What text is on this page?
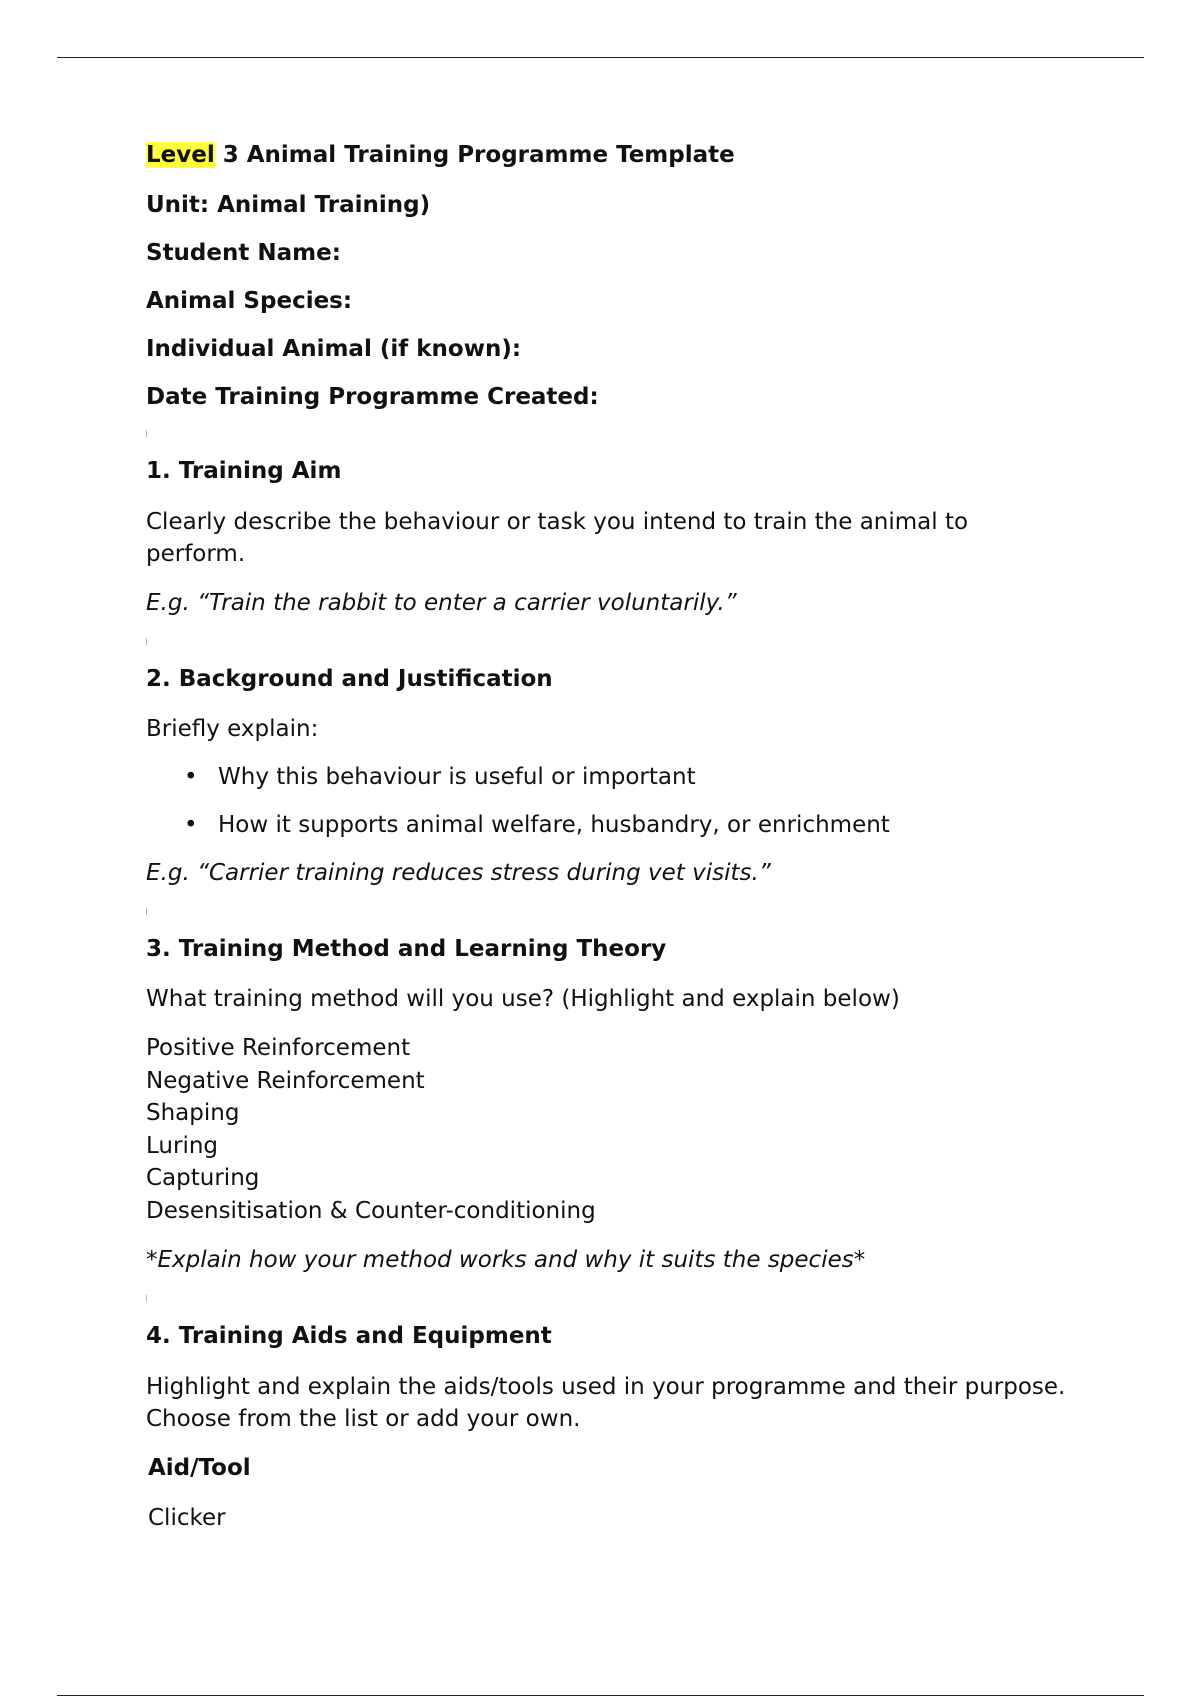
Level 3 Animal Training Programme Template
Unit: Animal Training)
Student Name:
Animal Species:
Individual Animal (if known):
Date Training Programme Created:
1. Training Aim
Clearly describe the behaviour or task you intend to train the animal to perform.
E.g. “Train the rabbit to enter a carrier voluntarily.”
2. Background and Justification
Briefly explain:
• Why this behaviour is useful or important
• How it supports animal welfare, husbandry, or enrichment
E.g. “Carrier training reduces stress during vet visits.”
3. Training Method and Learning Theory
What training method will you use? (Highlight and explain below)
Positive Reinforcement
Negative Reinforcement
Shaping
Luring
Capturing
Desensitisation & Counter-conditioning
*Explain how your method works and why it suits the species*
4. Training Aids and Equipment
Highlight and explain the aids/tools used in your programme and their purpose. Choose from the list or add your own.
Aid/Tool
Clicker
